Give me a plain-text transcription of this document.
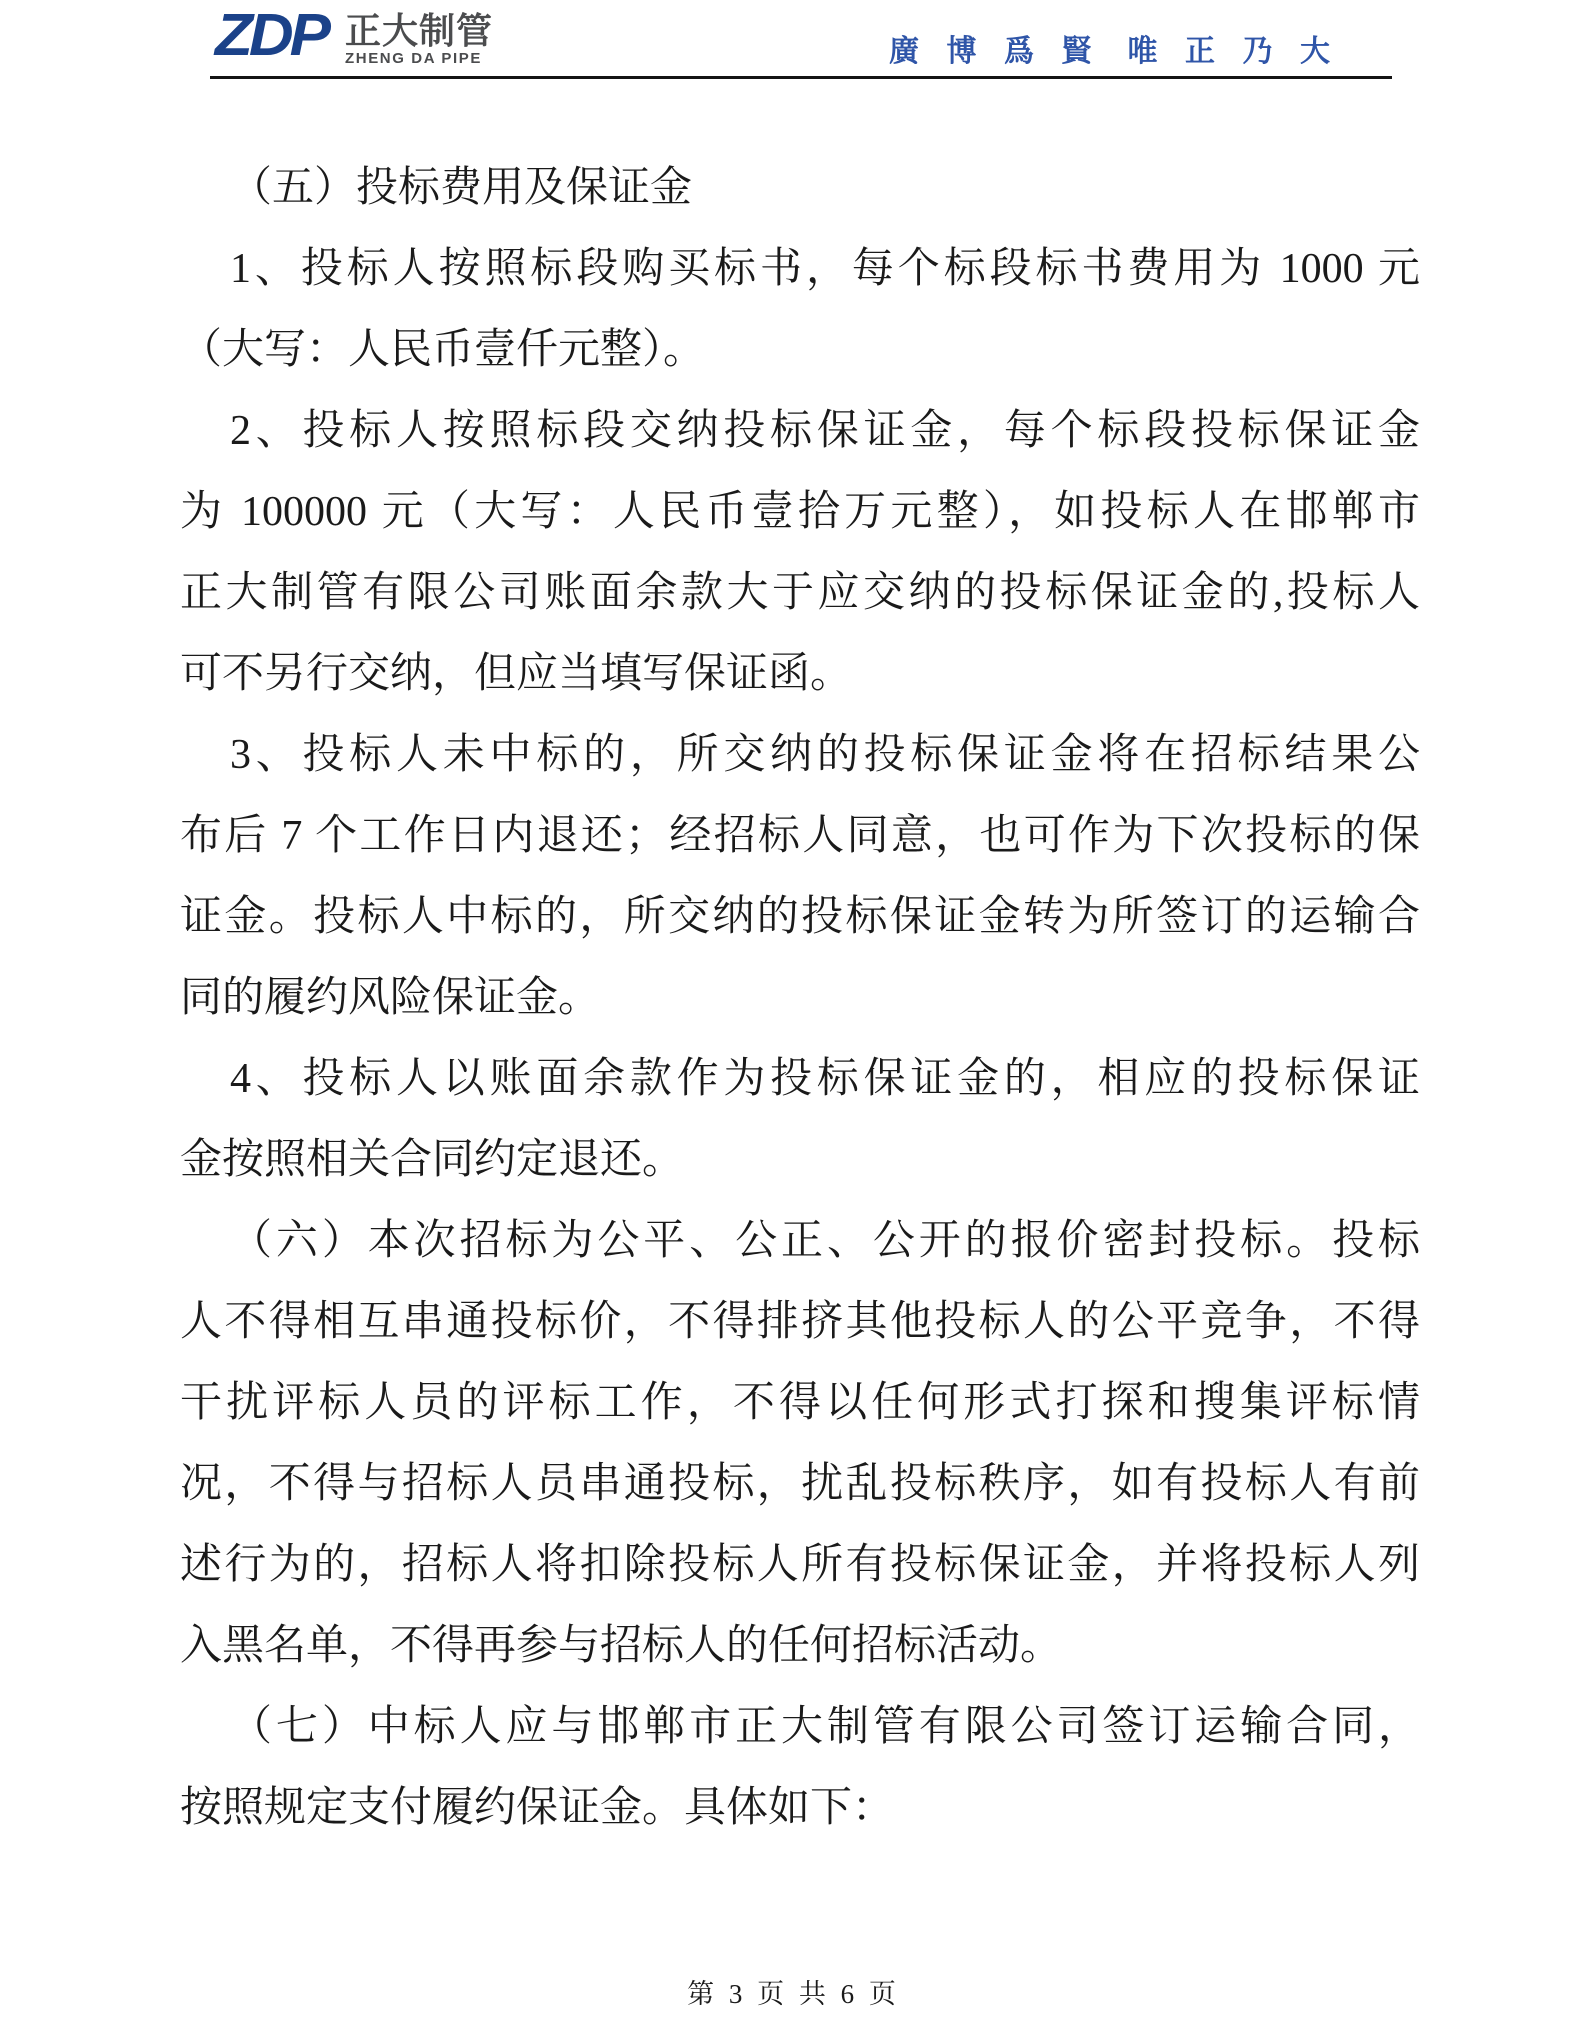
ZDP 正大制管
ZHENG DA PIPE	廣 博 爲 賢 唯 正 乃 大
（五）投标费用及保证金
1、投标人按照标段购买标书，每个标段标书费用为 1000 元
（大写：人民币壹仟元整）。
2、投标人按照标段交纳投标保证金，每个标段投标保证金
为 100000 元（大写：人民币壹拾万元整），如投标人在邯郸市
正大制管有限公司账面余款大于应交纳的投标保证金的,投标人
可不另行交纳，但应当填写保证函。
3、投标人未中标的，所交纳的投标保证金将在招标结果公
布后 7 个工作日内退还；经招标人同意，也可作为下次投标的保
证金。投标人中标的，所交纳的投标保证金转为所签订的运输合
同的履约风险保证金。
4、投标人以账面余款作为投标保证金的，相应的投标保证
金按照相关合同约定退还。
（六）本次招标为公平、公正、公开的报价密封投标。投标
人不得相互串通投标价，不得排挤其他投标人的公平竞争，不得
干扰评标人员的评标工作，不得以任何形式打探和搜集评标情
况，不得与招标人员串通投标，扰乱投标秩序，如有投标人有前
述行为的，招标人将扣除投标人所有投标保证金，并将投标人列
入黑名单，不得再参与招标人的任何招标活动。
（七）中标人应与邯郸市正大制管有限公司签订运输合同，
按照规定支付履约保证金。具体如下：
第 3 页 共 6 页
